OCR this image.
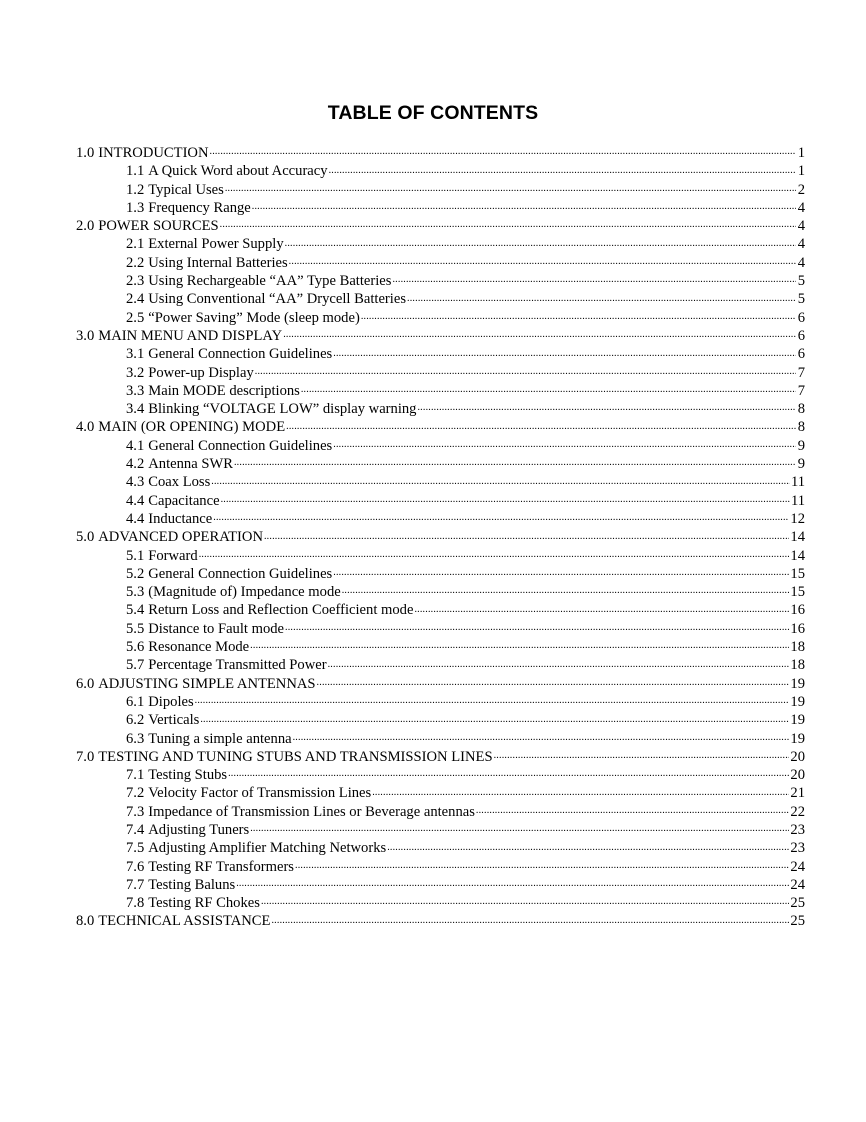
TABLE OF CONTENTS
1.0 INTRODUCTION .....	1
1.1 A Quick Word about Accuracy .....	1
1.2 Typical Uses .....	2
1.3 Frequency Range .....	4
2.0 POWER SOURCES .....	4
2.1 External Power Supply .....	4
2.2 Using Internal Batteries .....	4
2.3 Using Rechargeable “AA” Type Batteries .....	5
2.4 Using Conventional “AA” Drycell Batteries .....	5
2.5 “Power Saving” Mode (sleep mode) .....	6
3.0 MAIN MENU AND DISPLAY .....	6
3.1 General Connection Guidelines .....	6
3.2 Power-up Display .....	7
3.3 Main MODE descriptions .....	7
3.4 Blinking “VOLTAGE LOW” display warning .....	8
4.0 MAIN (OR OPENING) MODE .....	8
4.1 General Connection Guidelines .....	9
4.2 Antenna SWR .....	9
4.3 Coax Loss .....	11
4.4 Capacitance .....	11
4.4 Inductance .....	12
5.0 ADVANCED OPERATION .....	14
5.1 Forward .....	14
5.2 General Connection Guidelines .....	15
5.3 (Magnitude of) Impedance mode .....	15
5.4 Return Loss and Reflection Coefficient mode .....	16
5.5 Distance to Fault mode .....	16
5.6 Resonance Mode .....	18
5.7 Percentage Transmitted Power .....	18
6.0 ADJUSTING SIMPLE ANTENNAS .....	19
6.1 Dipoles .....	19
6.2 Verticals .....	19
6.3 Tuning a simple antenna .....	19
7.0 TESTING AND TUNING STUBS AND TRANSMISSION LINES .....	20
7.1 Testing Stubs .....	20
7.2 Velocity Factor of Transmission Lines .....	21
7.3 Impedance of Transmission Lines or Beverage antennas .....	22
7.4 Adjusting Tuners .....	23
7.5 Adjusting Amplifier Matching Networks .....	23
7.6 Testing RF Transformers .....	24
7.7 Testing Baluns .....	24
7.8 Testing RF Chokes .....	25
8.0 TECHNICAL ASSISTANCE .....	25
